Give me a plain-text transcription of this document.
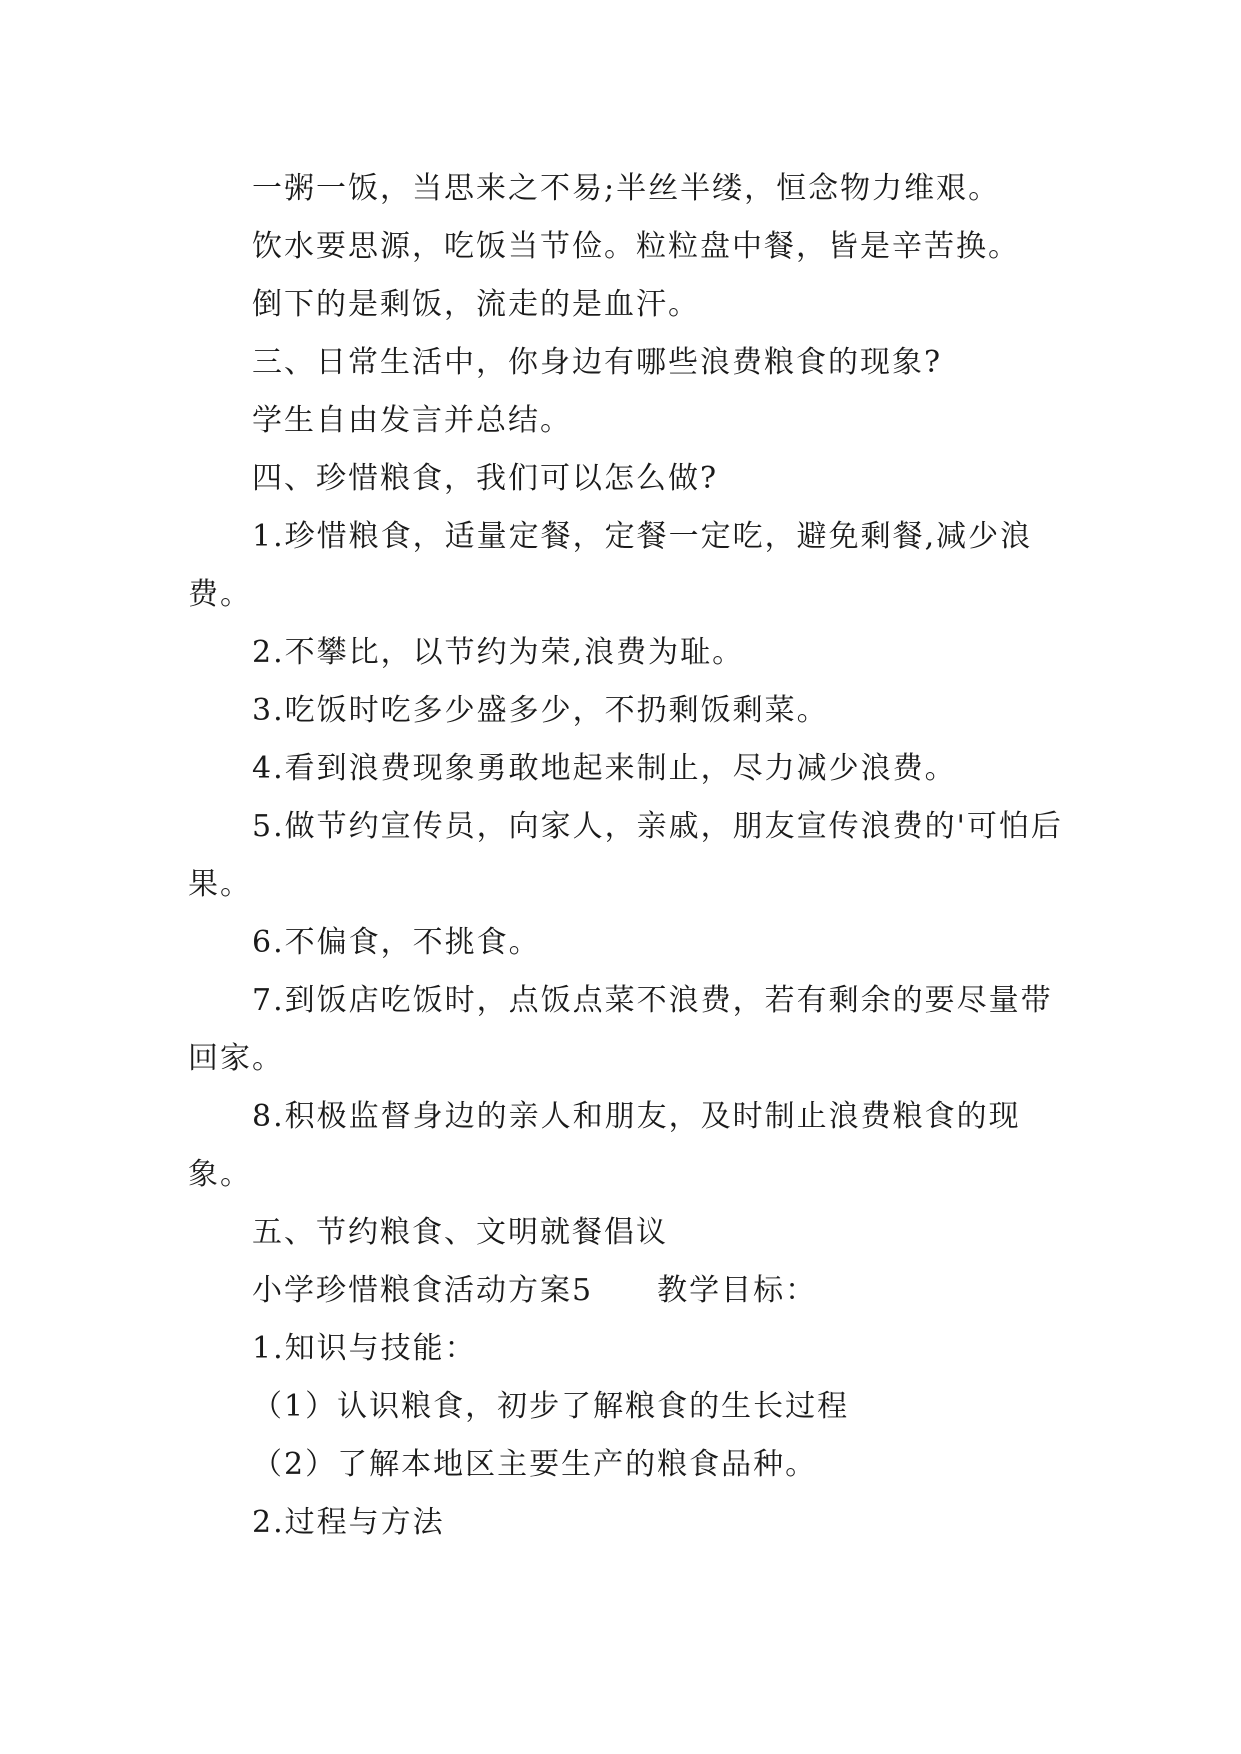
一粥一饭，当思来之不易;半丝半缕，恒念物力维艰。

饮水要思源，吃饭当节俭。粒粒盘中餐，皆是辛苦换。

倒下的是剩饭，流走的是血汗。

三、日常生活中，你身边有哪些浪费粮食的现象?

学生自由发言并总结。

四、珍惜粮食，我们可以怎么做?

1.珍惜粮食，适量定餐，定餐一定吃，避免剩餐,减少浪费。

2.不攀比，以节约为荣,浪费为耻。

3.吃饭时吃多少盛多少，不扔剩饭剩菜。

4.看到浪费现象勇敢地起来制止，尽力减少浪费。

5.做节约宣传员，向家人，亲戚，朋友宣传浪费的'可怕后果。

6.不偏食，不挑食。

7.到饭店吃饭时，点饭点菜不浪费，若有剩余的要尽量带回家。

8.积极监督身边的亲人和朋友，及时制止浪费粮食的现象。

五、节约粮食、文明就餐倡议

小学珍惜粮食活动方案5　　教学目标：

1.知识与技能：

（1）认识粮食，初步了解粮食的生长过程

（2）了解本地区主要生产的粮食品种。

2.过程与方法
